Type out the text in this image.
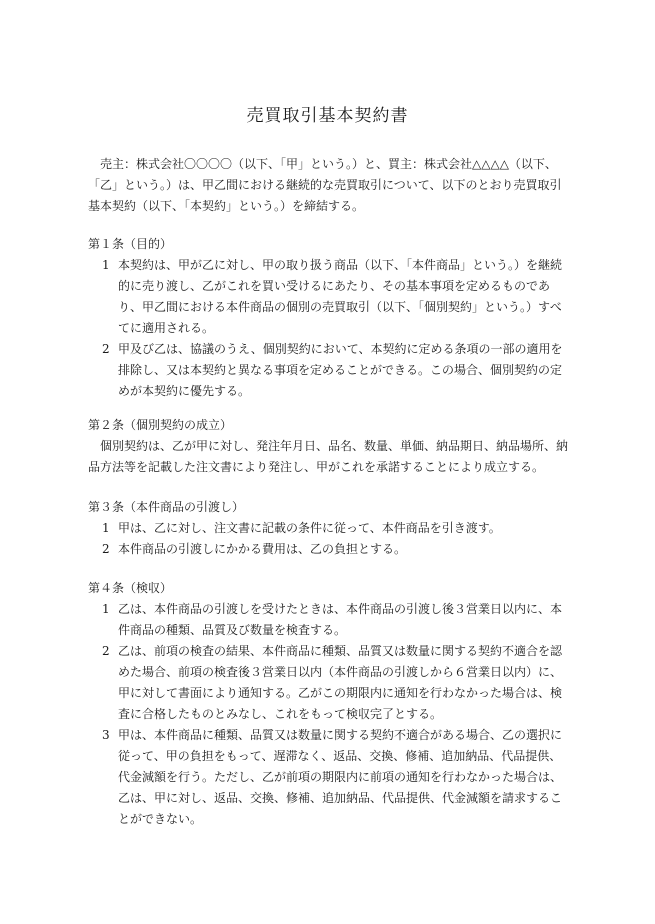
売買取引基本契約書

売主：株式会社〇〇〇〇（以下、「甲」という。）と、買主：株式会社△△△△（以下、「乙」という。）は、甲乙間における継続的な売買取引について、以下のとおり売買取引基本契約（以下、「本契約」という。）を締結する。

第１条（目的）

1 本契約は、甲が乙に対し、甲の取り扱う商品（以下、「本件商品」という。）を継続的に売り渡し、乙がこれを買い受けるにあたり、その基本事項を定めるものであり、甲乙間における本件商品の個別の売買取引（以下、「個別契約」という。）すべてに適用される。
2 甲及び乙は、協議のうえ、個別契約において、本契約に定める条項の一部の適用を排除し、又は本契約と異なる事項を定めることができる。この場合、個別契約の定めが本契約に優先する。

第２条（個別契約の成立）

個別契約は、乙が甲に対し、発注年月日、品名、数量、単価、納品期日、納品場所、納品方法等を記載した注文書により発注し、甲がこれを承諾することにより成立する。

第３条（本件商品の引渡し）

1 甲は、乙に対し、注文書に記載の条件に従って、本件商品を引き渡す。
2 本件商品の引渡しにかかる費用は、乙の負担とする。

第４条（検収）

1 乙は、本件商品の引渡しを受けたときは、本件商品の引渡し後３営業日以内に、本件商品の種類、品質及び数量を検査する。
2 乙は、前項の検査の結果、本件商品に種類、品質又は数量に関する契約不適合を認めた場合、前項の検査後３営業日以内（本件商品の引渡しから６営業日以内）に、甲に対して書面により通知する。乙がこの期限内に通知を行わなかった場合は、検査に合格したものとみなし、これをもって検収完了とする。
3 甲は、本件商品に種類、品質又は数量に関する契約不適合がある場合、乙の選択に従って、甲の負担をもって、遅滞なく、返品、交換、修補、追加納品、代品提供、代金減額を行う。ただし、乙が前項の期限内に前項の通知を行わなかった場合は、乙は、甲に対し、返品、交換、修補、追加納品、代品提供、代金減額を請求することができない。
